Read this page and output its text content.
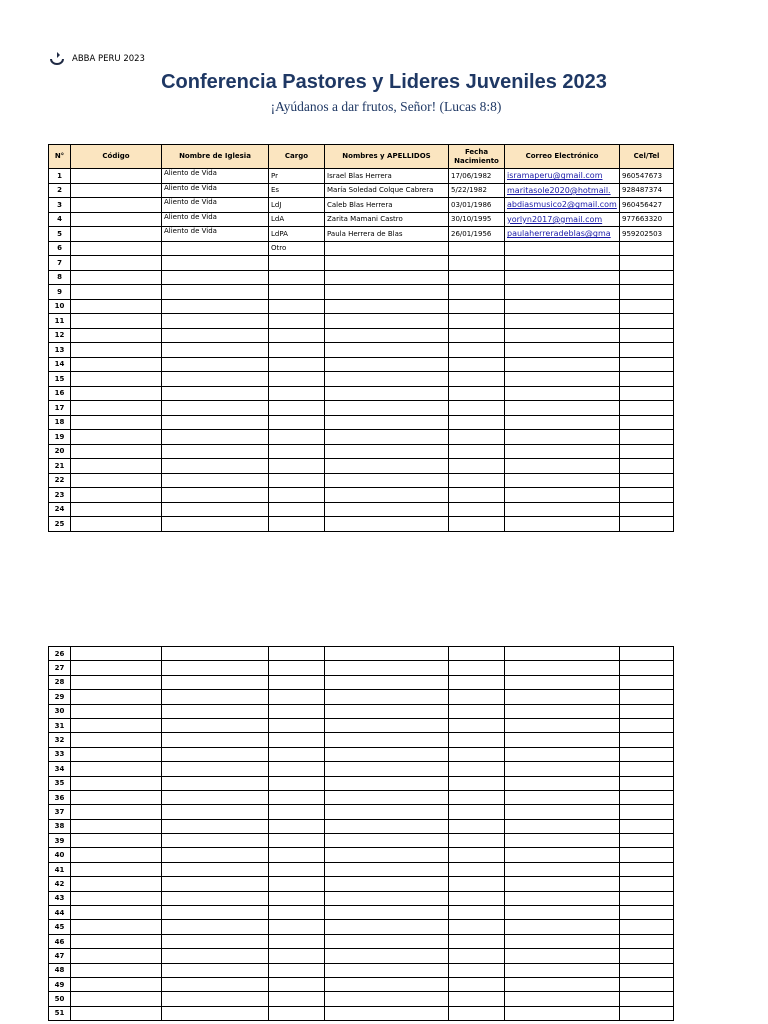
ABBA PERU 2023
Conferencia Pastores y Lideres Juveniles 2023
¡Ayúdanos a dar frutos, Señor! (Lucas 8:8)
N°	Código	Nombre de Iglesia	Cargo	Nombres y APELLIDOS	Fecha Nacimiento	Correo Electrónico	Cel/Tel
1		Aliento de Vida	Pr	Israel Blas Herrera	17/06/1982	isramaperu@gmail.com	960547673
2		Aliento de Vida	Es	María Soledad Colque Cabrera	5/22/1982	maritasole2020@hotmail.	928487374
3		Aliento de Vida	LdJ	Caleb Blas Herrera	03/01/1986	abdiasmusico2@gmail.com	960456427
4		Aliento de Vida	LdA	Zarita Mamani Castro	30/10/1995	yorlyn2017@gmail.com	977663320
5		Aliento de Vida	LdPA	Paula Herrera de Blas	26/01/1956	paulaherreradeblas@gma	959202503
6			Otro				
7							
8							
9							
10							
11							
12							
13							
14							
15							
16							
17							
18							
19							
20							
21							
22							
23							
24							
25							
26							
27							
28							
29							
30							
31							
32							
33							
34							
35							
36							
37							
38							
39							
40							
41							
42							
43							
44							
45							
46							
47							
48							
49							
50							
51							
